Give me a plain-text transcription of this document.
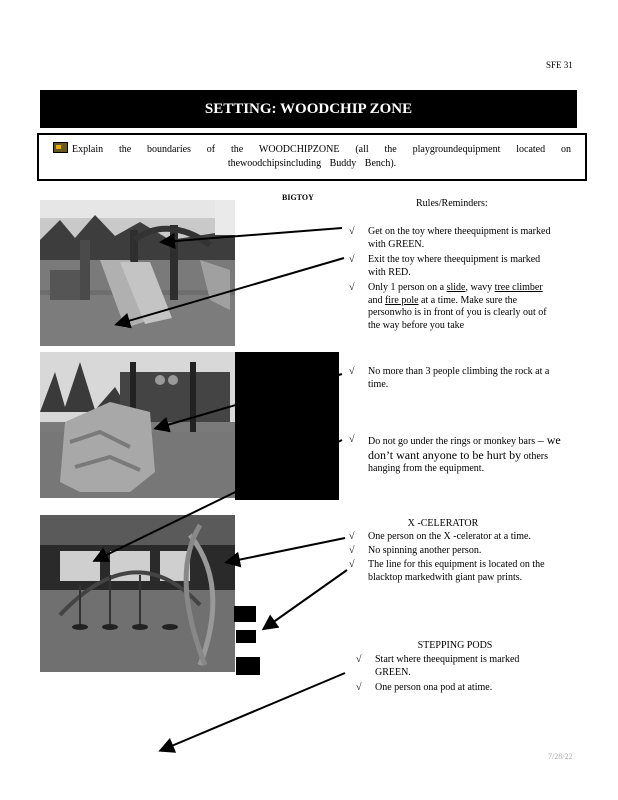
SFE 31
SETTING: WOODCHIP ZONE
Explain the boundaries of the WOODCHIPZONE (all the playgroundequipment located on
thewoodchipsincluding Buddy Bench).
BIGTOY
Rules/Reminders:
√ Get on the toy where theequipment is marked with GREEN.
√ Exit the toy where theequipment is marked with RED.
√ Only 1 person on a slide, wavy tree climber and fire pole at a time. Make sure the personwho is in front of you is clearly out of the way before you take
√ No more than 3 people climbing the rock at a time.
√ Do not go under the rings or monkey bars – we don’t want anyone to be hurt by others hanging from the equipment.
X -CELERATOR
√ One person on the X -celerator at a time.
√ No spinning another person.
√ The line for this equipment is located on the blacktop markedwith giant paw prints.
STEPPING PODS
√ Start where theequipment is marked GREEN.
√ One person ona pod at atime.
7/28/22
